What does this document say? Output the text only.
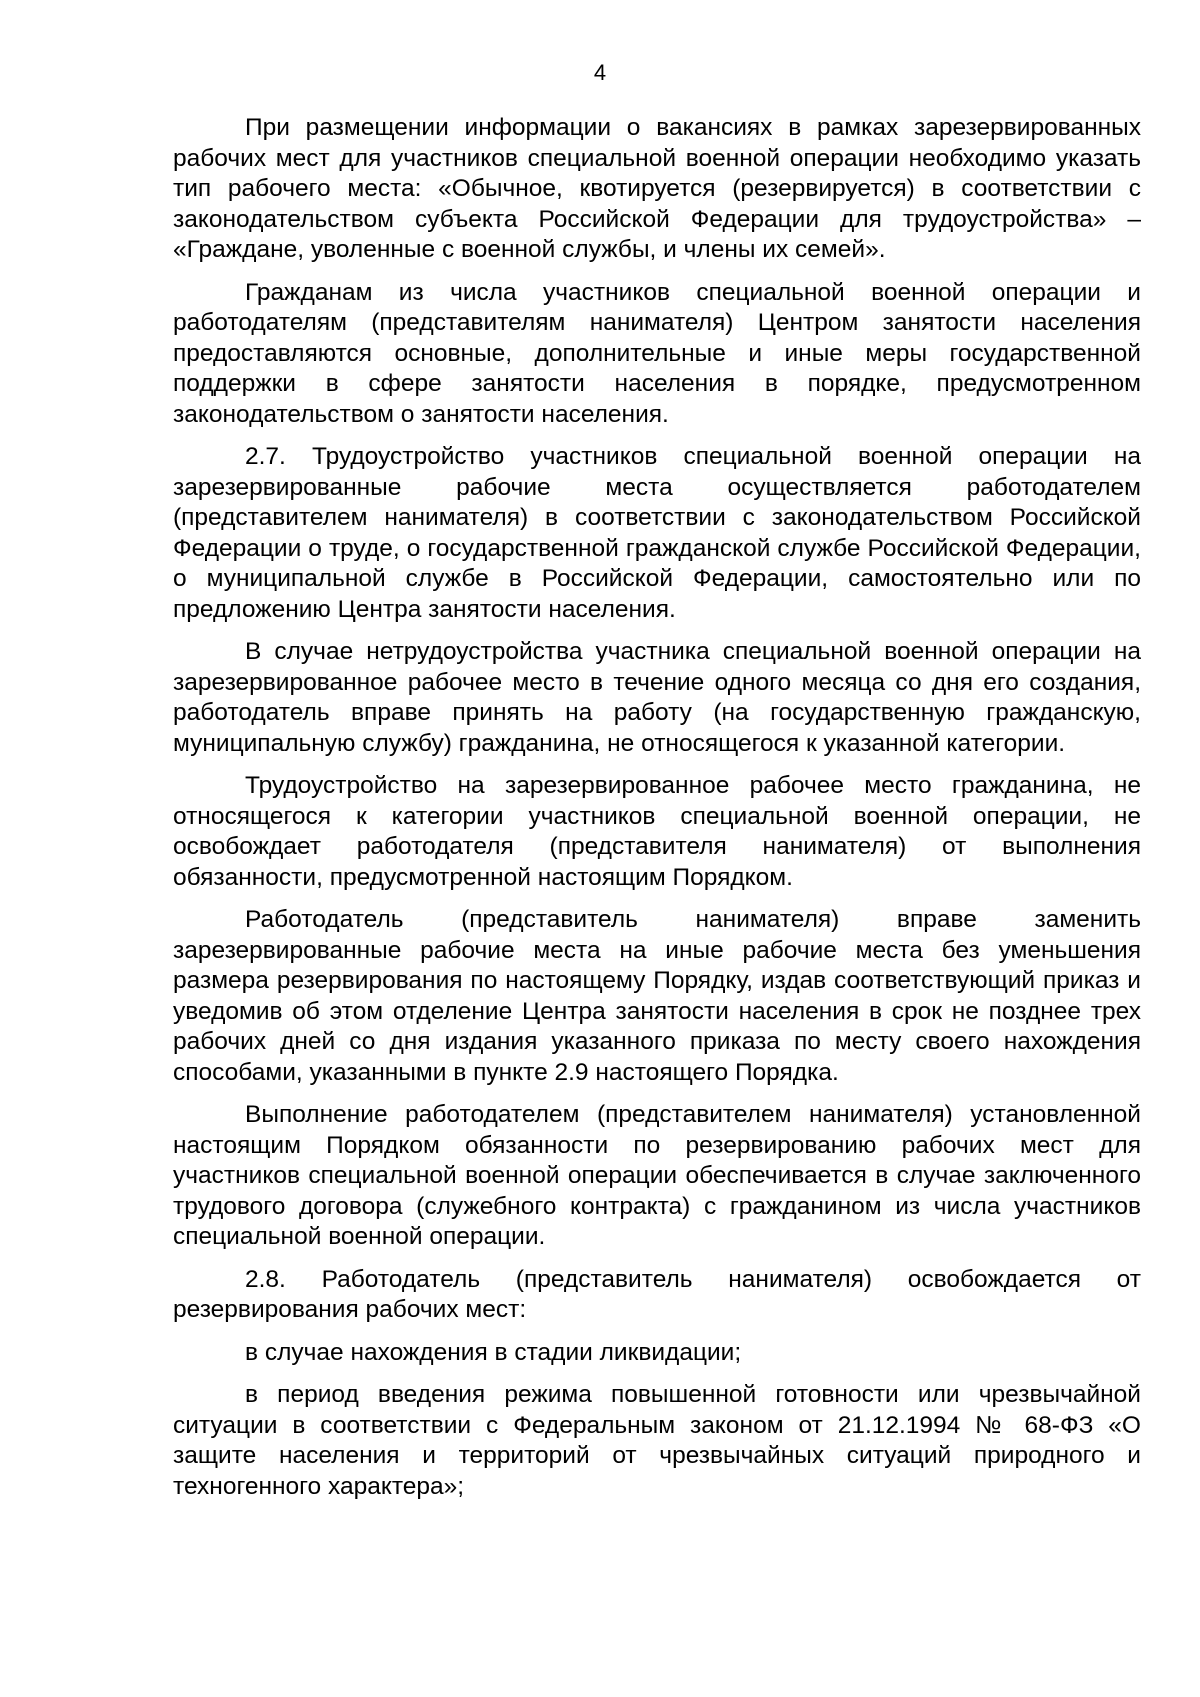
4

При размещении информации о вакансиях в рамках зарезервированных рабочих мест для участников специальной военной операции необходимо указать тип рабочего места: «Обычное, квотируется (резервируется) в соответствии с законодательством субъекта Российской Федерации для трудоустройства» – «Граждане, уволенные с военной службы, и члены их семей».

Гражданам из числа участников специальной военной операции и работодателям (представителям нанимателя) Центром занятости населения предоставляются основные, дополнительные и иные меры государственной поддержки в сфере занятости населения в порядке, предусмотренном законодательством о занятости населения.

2.7. Трудоустройство участников специальной военной операции на зарезервированные рабочие места осуществляется работодателем (представителем нанимателя) в соответствии с законодательством Российской Федерации о труде, о государственной гражданской службе Российской Федерации, о муниципальной службе в Российской Федерации, самостоятельно или по предложению Центра занятости населения.

В случае нетрудоустройства участника специальной военной операции на зарезервированное рабочее место в течение одного месяца со дня его создания, работодатель вправе принять на работу (на государственную гражданскую, муниципальную службу) гражданина, не относящегося к указанной категории.

Трудоустройство на зарезервированное рабочее место гражданина, не относящегося к категории участников специальной военной операции, не освобождает работодателя (представителя нанимателя) от выполнения обязанности, предусмотренной настоящим Порядком.

Работодатель (представитель нанимателя) вправе заменить зарезервированные рабочие места на иные рабочие места без уменьшения размера резервирования по настоящему Порядку, издав соответствующий приказ и уведомив об этом отделение Центра занятости населения в срок не позднее трех рабочих дней со дня издания указанного приказа по месту своего нахождения способами, указанными в пункте 2.9 настоящего Порядка.

Выполнение работодателем (представителем нанимателя) установленной настоящим Порядком обязанности по резервированию рабочих мест для участников специальной военной операции обеспечивается в случае заключенного трудового договора (служебного контракта) с гражданином из числа участников специальной военной операции.

2.8. Работодатель (представитель нанимателя) освобождается от резервирования рабочих мест:

в случае нахождения в стадии ликвидации;

в период введения режима повышенной готовности или чрезвычайной ситуации в соответствии с Федеральным законом от 21.12.1994 № 68-ФЗ «О защите населения и территорий от чрезвычайных ситуаций природного и техногенного характера»;
